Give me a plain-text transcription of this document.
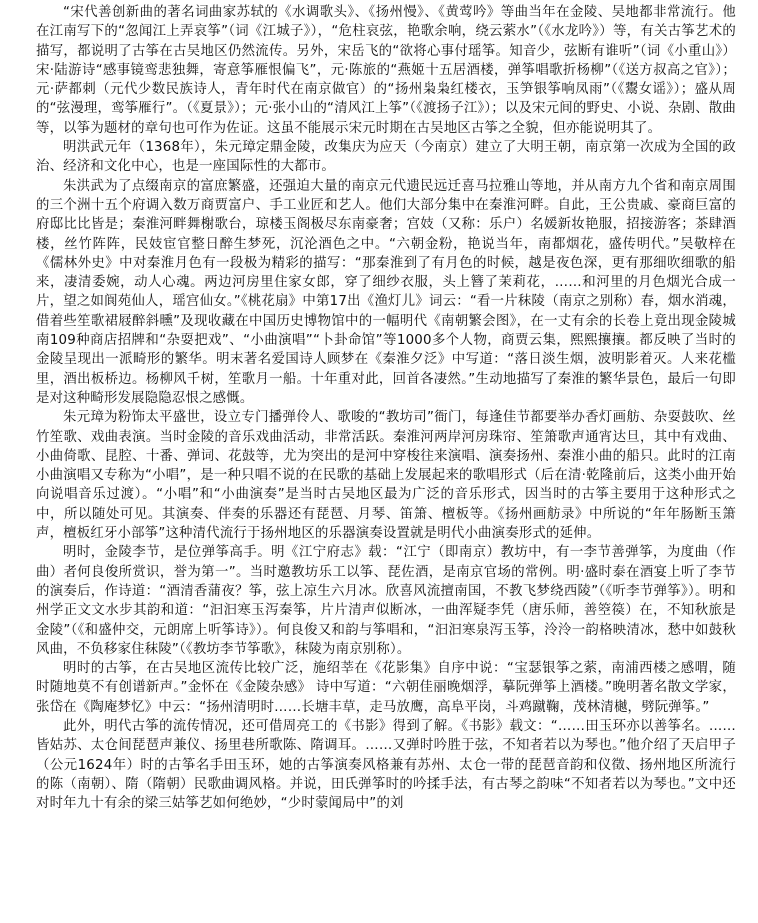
“宋代善创新曲的著名词曲家苏轼的《水调歌头》、《扬州慢》、《黄莺吟》等曲当年在金陵、吴地都非常流行。他在江南写下的“忽闻江上弄哀筝”（词《江城子》），“危柱哀弦，艳歌余响，绕云萦水”（《水龙吟》）等，有关古筝艺术的描写，都说明了古筝在古吴地区仍然流传。另外，宋岳飞的“欲将心事付瑶筝。知音少，弦断有谁听”（词《小重山》）宋·陆游诗“感事镜鸾悲独舞，寄意筝雁恨偏飞”，元·陈旅的“燕姬十五居酒楼，弹筝唱歌折杨柳”（《送方叔高之官》）；元·萨都刺（元代少数民族诗人，青年时代在南京做官）的“扬州枭枭红楼衣，玉笋银筝响凤雨”（《鬻女谣》）；盛从周的“弦漫理，鸾筝雁行”。（《夏景》）；元·张小山的“清风江上筝”（《渡扬子江》）；以及宋元间的野史、小说、杂剧、散曲等，以筝为题材的章句也可作为佐证。这虽不能展示宋元时期在古吴地区古筝之全貌，但亦能说明其了。

明洪武元年（1368年），朱元璋定鼎金陵，改集庆为应天（今南京）建立了大明王朝，南京第一次成为全国的政治、经济和文化中心，也是一座国际性的大都市。

朱洪武为了点缀南京的富庶繁盛，还强迫大量的南京元代遗民远迁喜马拉雅山等地，并从南方九个省和南京周围的三个洲十五个府调入数万商贾富户、手工业匠和艺人。他们大部分集中在秦淮河畔。自此，王公贵戚、豪商巨富的府邸比比皆是；秦淮河畔舞榭歌台，琼楼玉阁极尽东南豪奢；宫妓（又称：乐户）名媛新妆艳服，招接游客；茶肆酒楼，丝竹阵阵，民妓宦官整日醉生梦死，沉沦酒色之中。“六朝金粉，艳说当年，南都烟花，盛传明代。”吴敬梓在《儒林外史》中对秦淮月色有一段极为精彩的描写：“那秦淮到了有月色的时候，越是夜色深，更有那细吹细歌的船来，凄清委婉，动人心魂。两边河房里住家女郎，穿了细纱衣服，头上簪了茉莉花，……和河里的月色烟光合成一片，望之如阆苑仙人，瑶宫仙女。”《桃花扇》中第17出《渔灯儿》词云：“看一片秣陵（南京之别称）春，烟水消魂，借着些笙歌裙屐醉斜曛”及现收藏在中国历史博物馆中的一幅明代《南朝繁会图》，在一丈有余的长卷上竟出现金陵城南109种商店招牌和“杂耍把戏”、“小曲演唱”“卜卦命馆”等1000多个人物，商贾云集，熙熙攘攘。都反映了当时的金陵呈现出一派畸形的繁华。明末著名爱国诗人顾梦在《秦淮夕泛》中写道：“落日淡生烟，波明影着灭。人来花槛里，酒出板桥边。杨柳风千树，笙歌月一船。十年重对此，回首各凄然。”生动地描写了秦淮的繁华景色，最后一句即是对这种畸形发展隐隐忍恨之感慨。

朱元璋为粉饰太平盛世，设立专门播弹伶人、歌唆的“教坊司”衙门，每逢佳节都要举办香灯画舫、杂耍鼓吹、丝竹笙歌、戏曲表演。当时金陵的音乐戏曲活动，非常活跃。秦淮河两岸河房珠帘、笙箫歌声通宵达旦，其中有戏曲、小曲倚歌、昆腔、十番、弹词、花鼓等，尤为突出的是河中穿梭往来演唱、演奏扬州、秦淮小曲的船只。此时的江南小曲演唱又专称为“小唱”，是一种只唱不说的在民歌的基础上发展起来的歌唱形式（后在清·乾隆前后，这类小曲开始向说唱音乐过渡）。“小唱”和“小曲演奏”是当时古吴地区最为广泛的音乐形式，因当时的古筝主要用于这种形式之中，所以随处可见。其演奏、伴奏的乐器还有琵琶、月琴、笛箫、檀板等。《扬州画舫录》中所说的“年年肠断玉箫声，檀板红牙小部筝”这种清代流行于扬州地区的乐器演奏设置就是明代小曲演奏形式的延伸。

明时，金陵李节，是位弹筝高手。明《江宁府志》载：“江宁（即南京）教坊中，有一李节善弹筝，为度曲（作曲）者何良俊所赏识，誉为第一”。当时邀教坊乐工以筝、琵佐酒，是南京官场的常例。明·盛时泰在酒宴上听了李节的演奏后，作诗道：“酒清香蒲夜？筝，弦上凉生六月冰。欣喜风流擅南国，不教飞梦绕西陵”（《听李节弹筝》）。明和州学正文文水步其韵和道：“汩汩寒玉泻秦筝，片片清声似断冰，一曲浑疑李凭（唐乐师，善箜篌）在，不知秋旅是金陵”（《和盛仲交，元朗席上听筝诗》）。何良俊又和韵与筝唱和，“汩汩寒泉泻玉筝，泠泠一韵格映清冰，愁中如鼓秋风曲，不负移家住秣陵”（《教坊李节筝歌》，秣陵为南京别称）。

明时的古筝，在古吴地区流传比较广泛，施绍莘在《花影集》自序中说：“宝瑟银筝之萦，南浦西楼之感喟，随时随地莫不有创谱新声。”金怀在《金陵杂感》 诗中写道：“六朝佳丽晚烟浮，摹阮弹筝上酒楼。”晚明著名散文学家，张岱在《陶庵梦忆》中云：“扬州清明时……长塘丰草，走马放鹰，高阜平岗，斗鸡蹴鞠，茂林清樾，劈阮弹筝。”

此外，明代古筝的流传情况，还可借周亮工的《书影》得到了解。《书影》载文：“……田玉环亦以善筝名。……皆姑苏、太仓间琵琶声兼仪、扬里巷所歌陈、隋调耳。……又弹时吟胜于弦，不知者若以为琴也。”他介绍了天启甲子（公元1624年）时的古筝名手田玉环，她的古筝演奏风格兼有苏州、太仓一带的琵琶音韵和仪徵、扬州地区所流行的陈（南朝）、隋（隋朝）民歌曲调风格。并说，田氏弹筝时的吟揉手法，有古琴之韵味“不知者若以为琴也。”文中还对时年九十有余的梁三姑筝艺如何绝妙，“少时蒙闻局中”的刘
